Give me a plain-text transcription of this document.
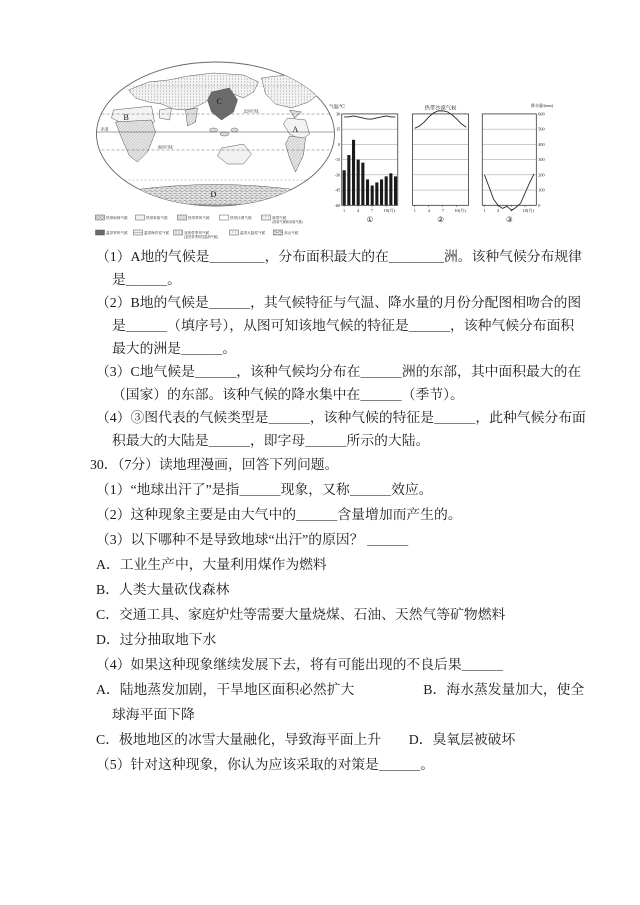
赤道
北回归线
南回归线
A
B
C
D
热带雨林气候	热带草原气候	热带季风气候	热带沙漠气候	寒带气候
(苔原气候和冰原气候)
温带季风气候	温带海洋性气候	亚热带季风气候
(亚热带季风性湿润气候)
温带大陆性气候	高山气候
1	4	7 10(月)
①
气温/℃
30
15
0
-15
-30
-45
-60
1	4	7 10(月)
②
热带沙漠气候
1	4	7 10(月)
③
降水量/(mm)
600
500
400
300
200
100
0
（1）A地的气候是＿＿＿＿，分布面积最大的在＿＿＿＿洲。该种气候分布规律
是＿＿＿。
（2）B地的气候是＿＿＿，其气候特征与气温、降水量的月份分配图相吻合的图
是＿＿＿（填序号），从图可知该地气候的特征是＿＿＿，该种气候分布面积
最大的洲是＿＿＿。
（3）C地气候是＿＿＿，该种气候均分布在＿＿＿洲的东部，其中面积最大的在
（国家）的东部。该种气候的降水集中在＿＿＿（季节）。
（4）③图代表的气候类型是＿＿＿，该种气候的特征是＿＿＿，此种气候分布面
积最大的大陆是＿＿＿，即字母＿＿＿所示的大陆。
30．（7分）读地理漫画，回答下列问题。
（1）“地球出汗了”是指＿＿＿现象，又称＿＿＿效应。
（2）这种现象主要是由大气中的＿＿＿含量增加而产生的。
（3）以下哪种不是导致地球“出汗”的原因？ ＿＿＿
A．工业生产中，大量利用煤作为燃料
B．人类大量砍伐森林
C．交通工具、家庭炉灶等需要大量烧煤、石油、天然气等矿物燃料
D．过分抽取地下水
（4）如果这种现象继续发展下去，将有可能出现的不良后果＿＿＿
A．陆地蒸发加剧，干旱地区面积必然扩大　　　　　B．海水蒸发量加大，使全
球海平面下降
C．极地地区的冰雪大量融化，导致海平面上升　　D．臭氧层被破坏
（5）针对这种现象，你认为应该采取的对策是＿＿＿。
